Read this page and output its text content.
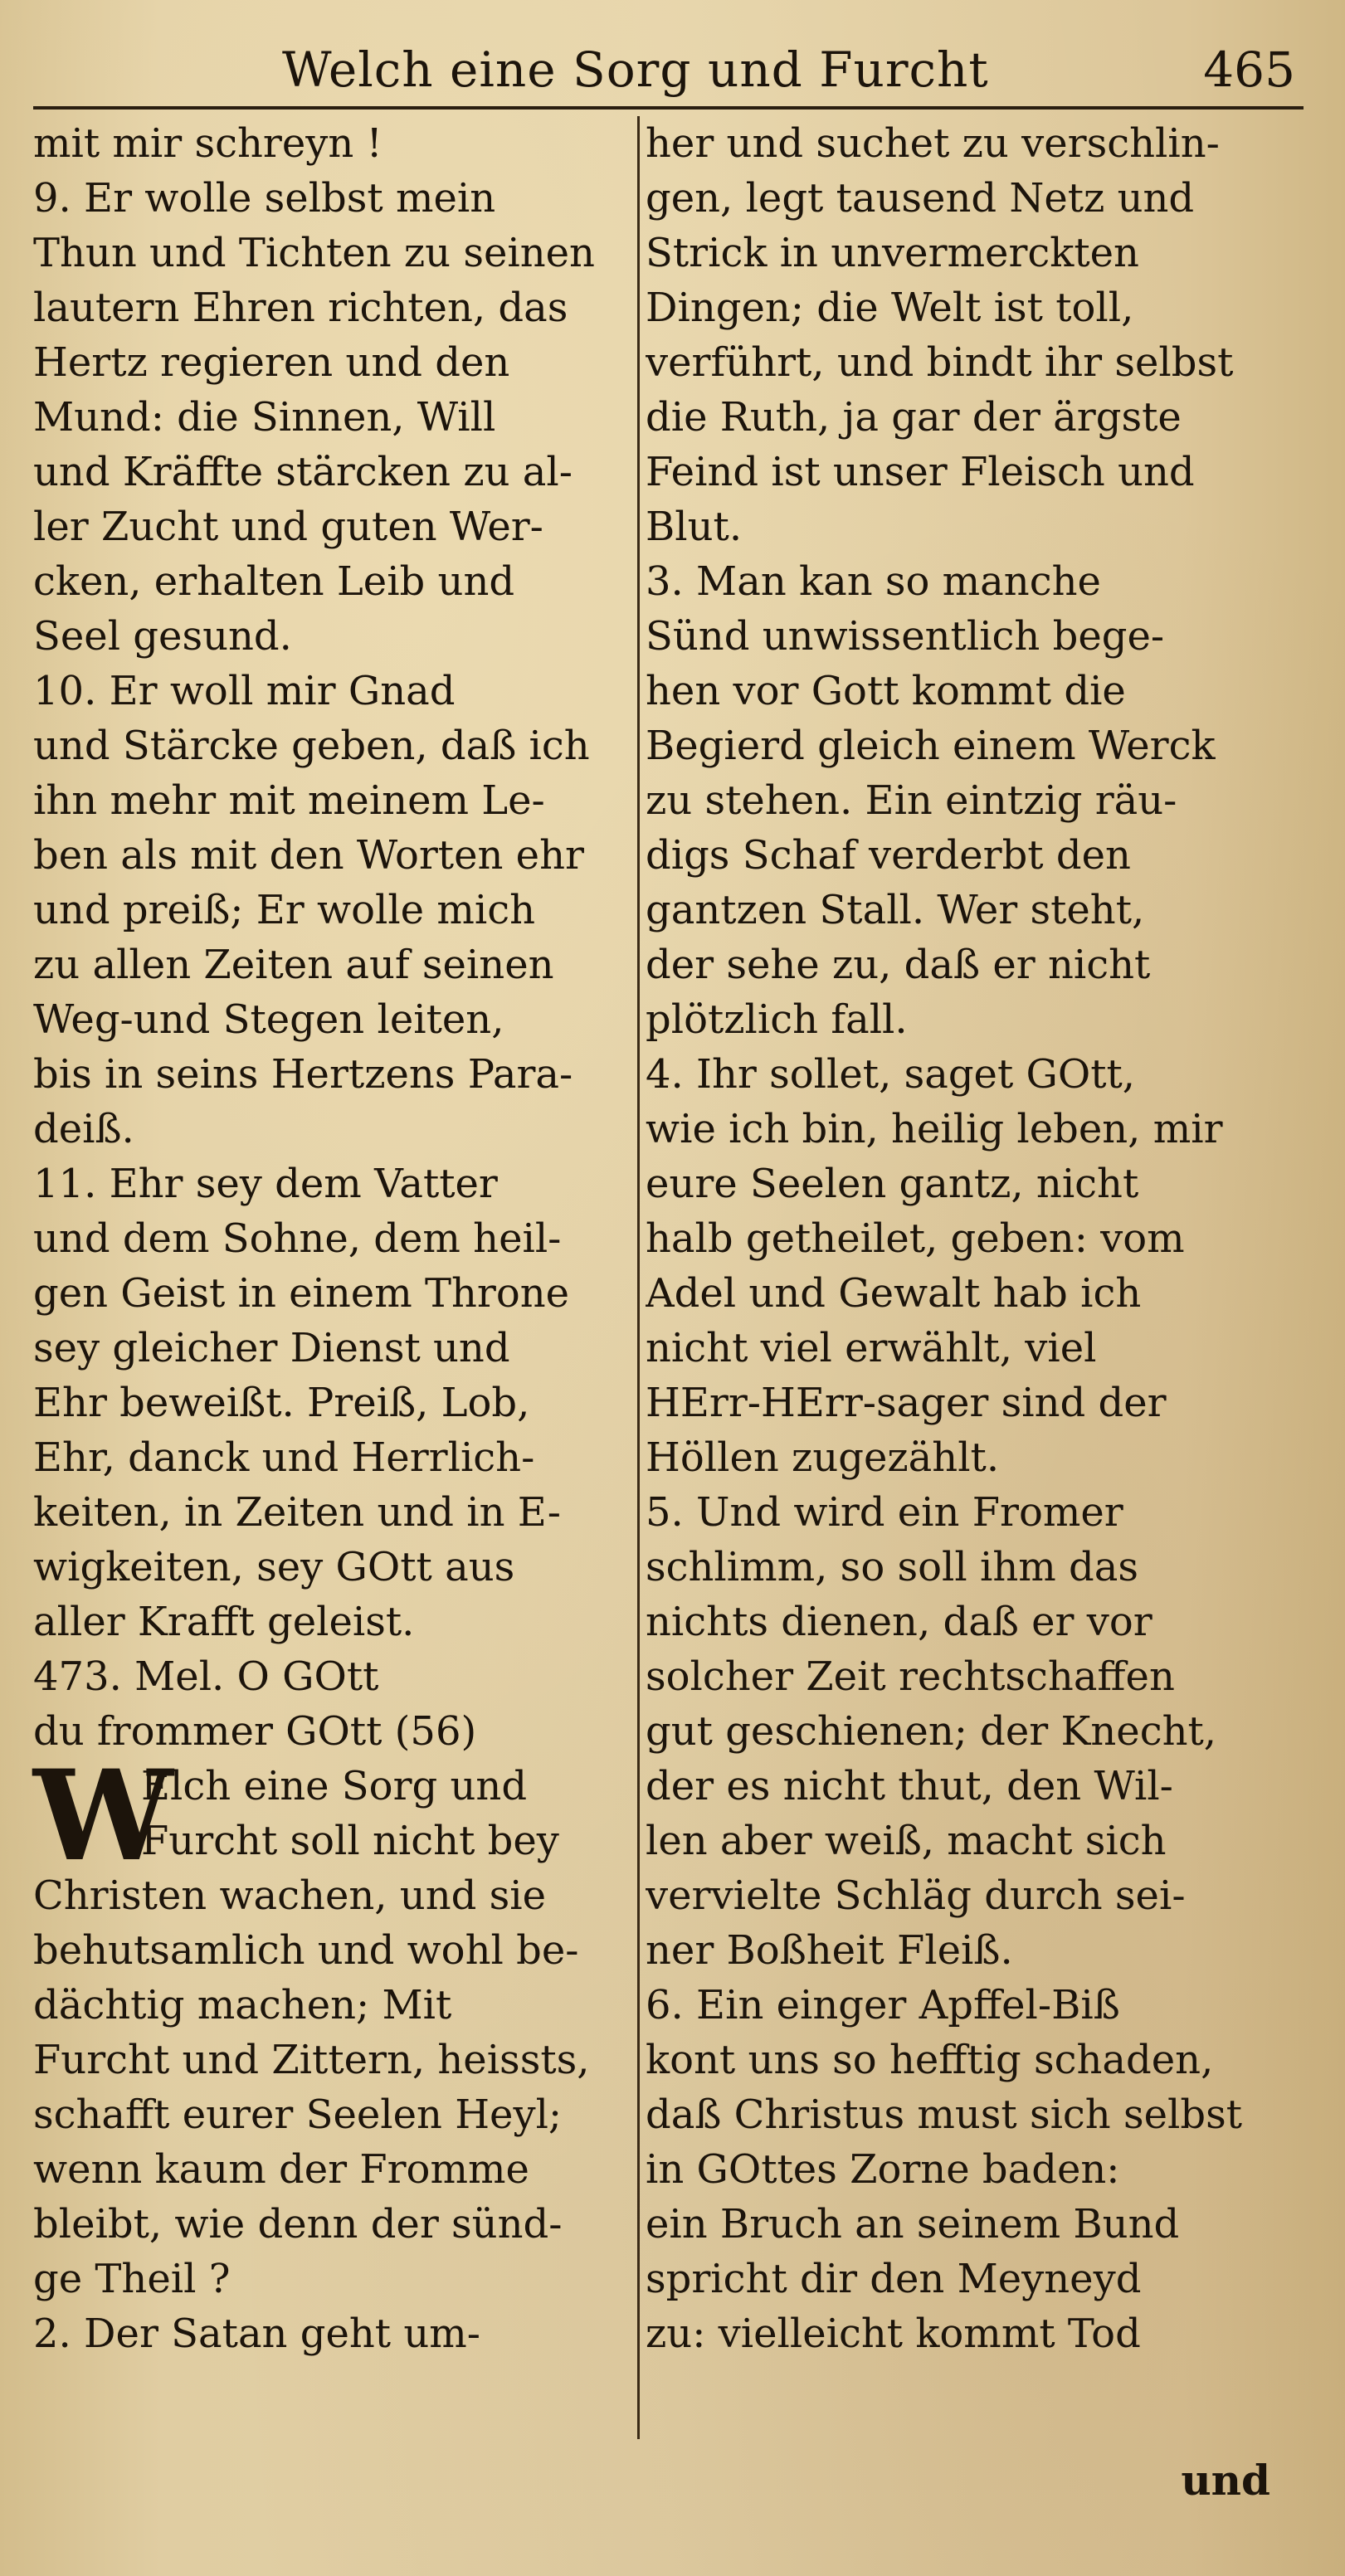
Welch eine Sorg und Furcht	465
mit mir schreyn !
9. Er wolle selbst mein
Thun und Tichten zu seinen
lautern Ehren richten, das
Hertz regieren und den
Mund: die Sinnen, Will
und Kräffte stärcken zu al-
ler Zucht und guten Wer-
cken, erhalten Leib und
Seel gesund.
10. Er woll mir Gnad
und Stärcke geben, daß ich
ihn mehr mit meinem Le-
ben als mit den Worten ehr
und preiß; Er wolle mich
zu allen Zeiten auf seinen
Weg-und Stegen leiten,
bis in seins Hertzens Para-
deiß.
11. Ehr sey dem Vatter
und dem Sohne, dem heil-
gen Geist in einem Throne
sey gleicher Dienst und
Ehr beweißt. Preiß, Lob,
Ehr, danck und Herrlich-
keiten, in Zeiten und in E-
wigkeiten, sey GOtt aus
aller Krafft geleist.
473. Mel. O GOtt
du frommer GOtt (56)
W
Elch eine Sorg und
Furcht soll nicht bey
Christen wachen, und sie
behutsamlich und wohl be-
dächtig machen; Mit
Furcht und Zittern, heissts,
schafft eurer Seelen Heyl;
wenn kaum der Fromme
bleibt, wie denn der sünd-
ge Theil ?
2. Der Satan geht um-
her und suchet zu verschlin-
gen, legt tausend Netz und
Strick in unvermerckten
Dingen; die Welt ist toll,
verführt, und bindt ihr selbst
die Ruth, ja gar der ärgste
Feind ist unser Fleisch und
Blut.
3. Man kan so manche
Sünd unwissentlich bege-
hen vor Gott kommt die
Begierd gleich einem Werck
zu stehen. Ein eintzig räu-
digs Schaf verderbt den
gantzen Stall. Wer steht,
der sehe zu, daß er nicht
plötzlich fall.
4. Ihr sollet, saget GOtt,
wie ich bin, heilig leben, mir
eure Seelen gantz, nicht
halb getheilet, geben: vom
Adel und Gewalt hab ich
nicht viel erwählt, viel
HErr-HErr-sager sind der
Höllen zugezählt.
5. Und wird ein Fromer
schlimm, so soll ihm das
nichts dienen, daß er vor
solcher Zeit rechtschaffen
gut geschienen; der Knecht,
der es nicht thut, den Wil-
len aber weiß, macht sich
vervielte Schläg durch sei-
ner Boßheit Fleiß.
6. Ein einger Apffel-Biß
kont uns so hefftig schaden,
daß Christus must sich selbst
in GOttes Zorne baden:
ein Bruch an seinem Bund
spricht dir den Meyneyd
zu: vielleicht kommt Tod
und
